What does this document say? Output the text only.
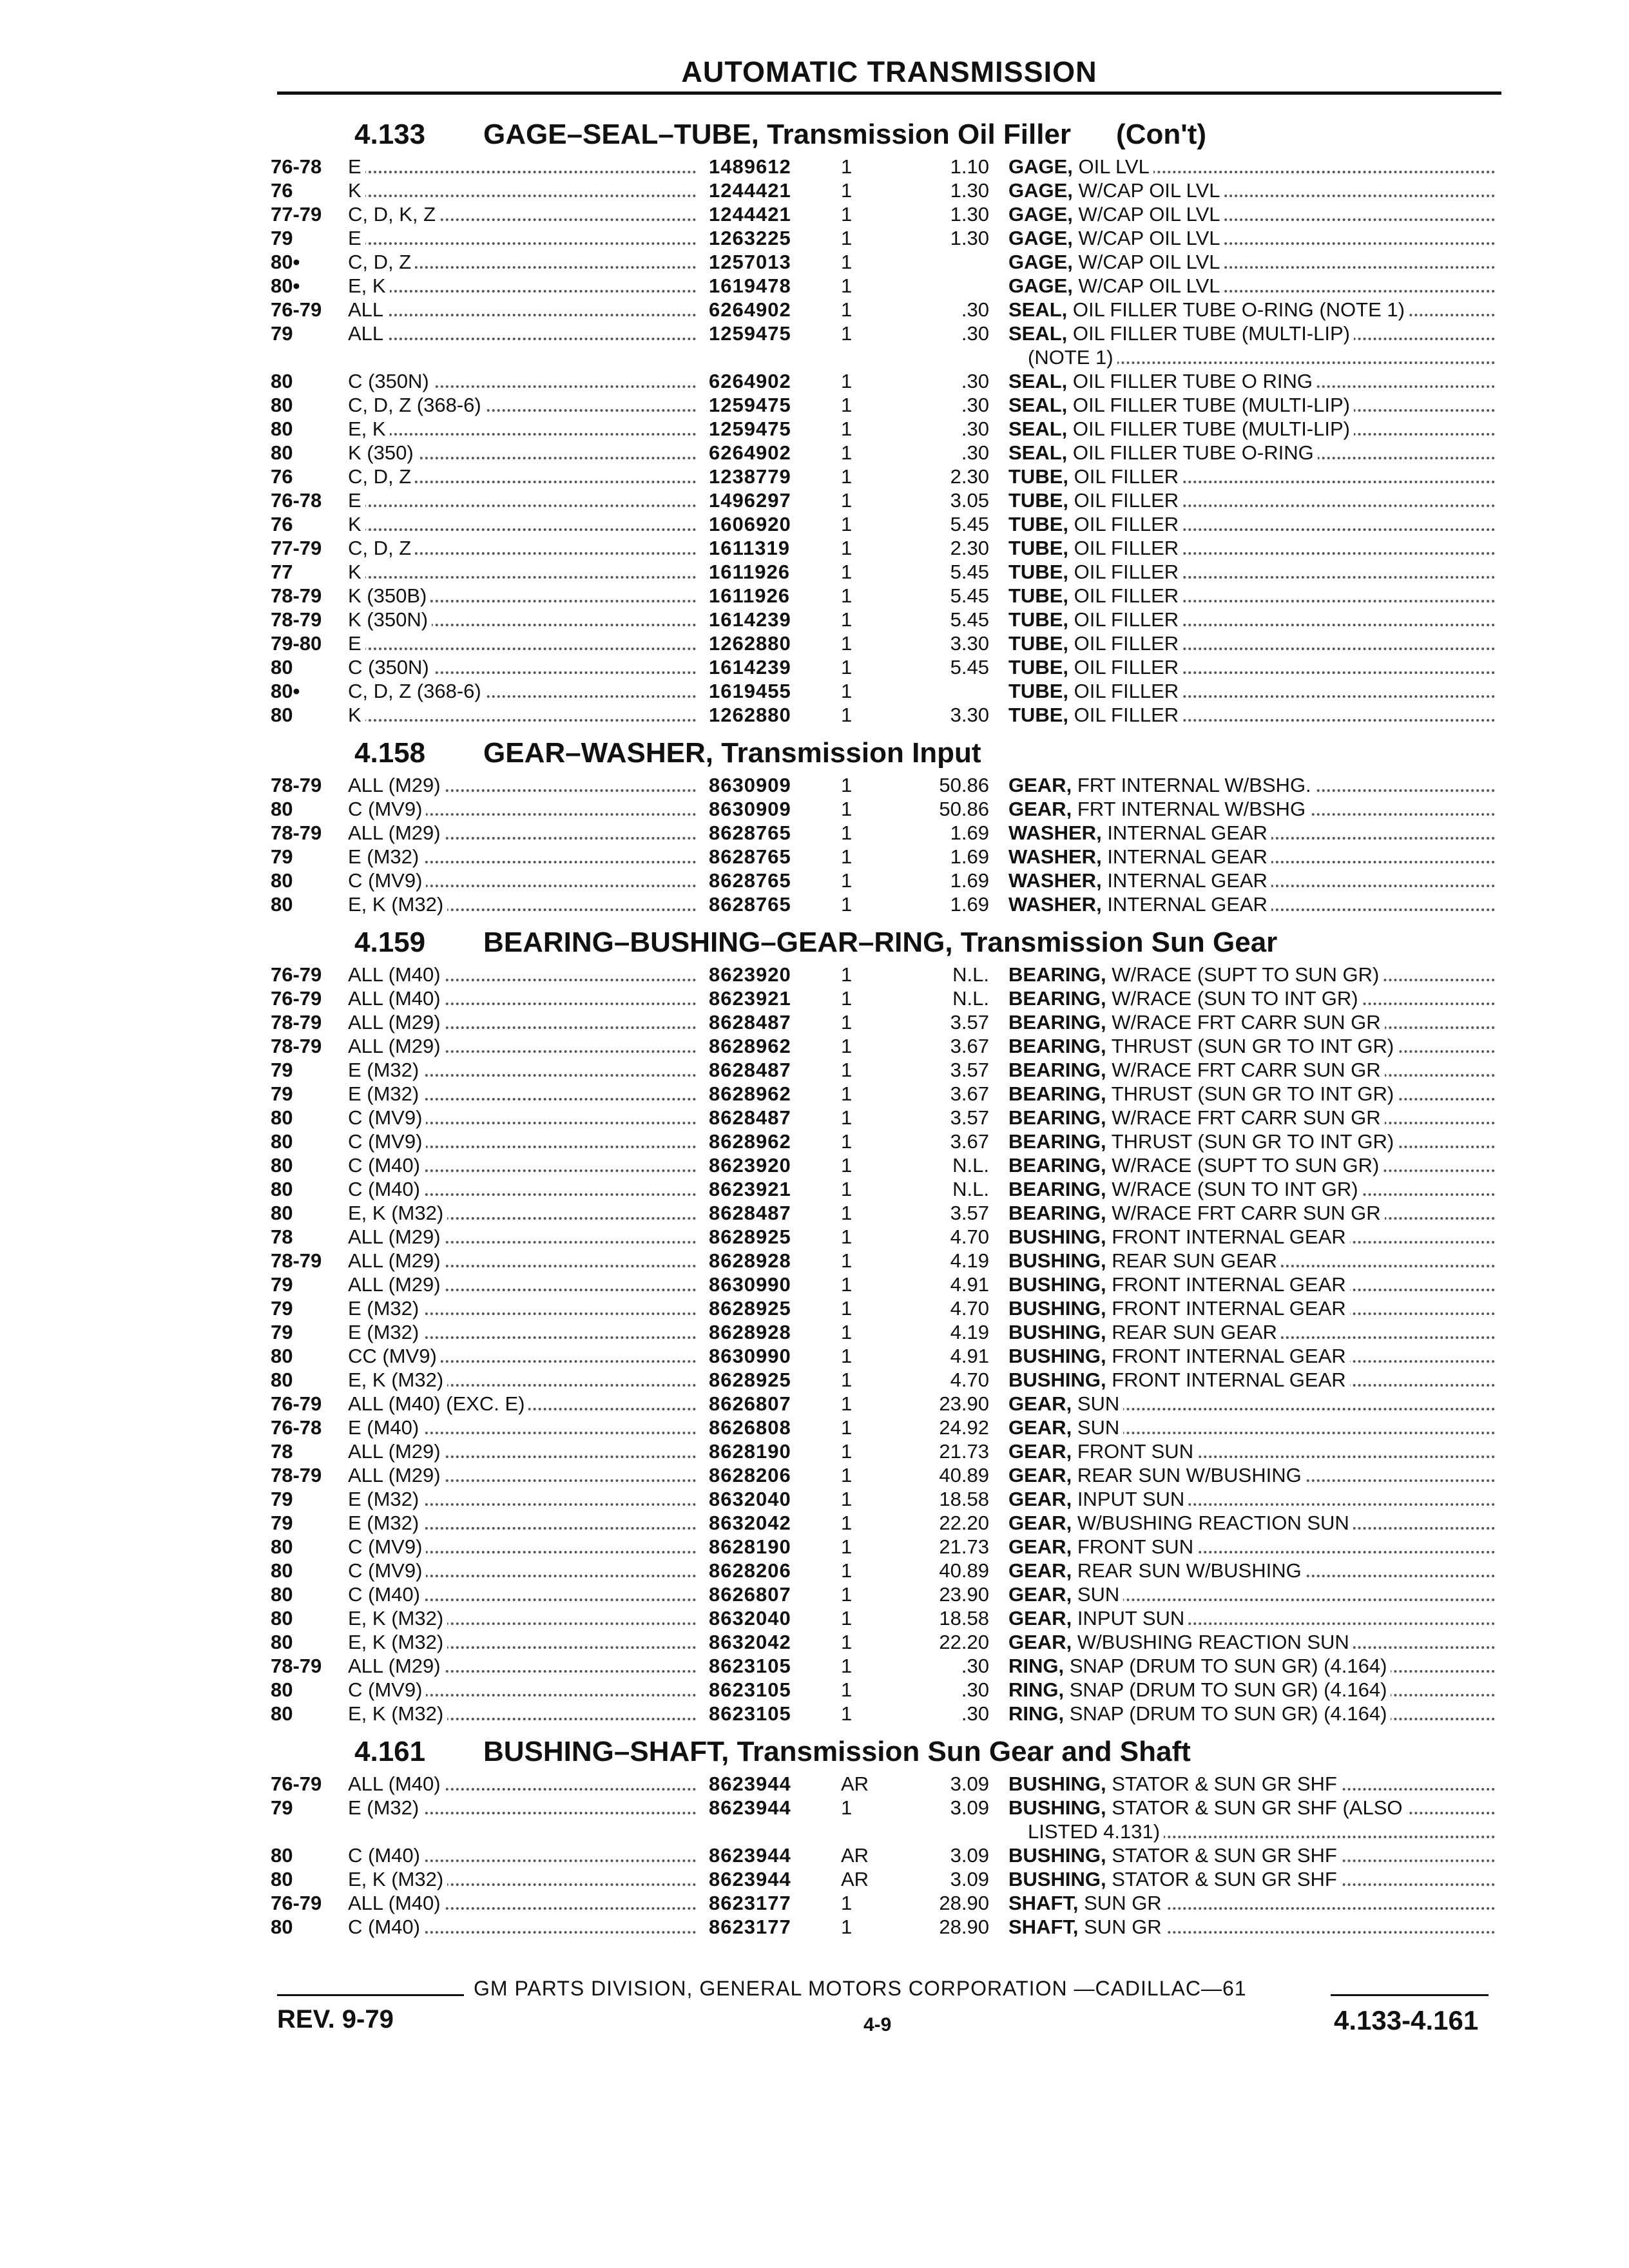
AUTOMATIC TRANSMISSION
4.133	GAGE–SEAL–TUBE, Transmission Oil Filler (Con't)
76-78	E	1489612	1	1.10 GAGE, OIL LVL
76	K	1244421	1	1.30 GAGE, W/CAP OIL LVL
77-79	C, D, K, Z	1244421	1	1.30 GAGE, W/CAP OIL LVL
79	E	1263225	1	1.30 GAGE, W/CAP OIL LVL
80•	C, D, Z	1257013	1	GAGE, W/CAP OIL LVL
80•	E, K	1619478	1	GAGE, W/CAP OIL LVL
76-79	ALL	6264902	1	.30 SEAL, OIL FILLER TUBE O-RING (NOTE 1)
79	ALL	1259475	1	.30 SEAL, OIL FILLER TUBE (MULTI-LIP)
(NOTE 1)
80	C (350N)	6264902	1	.30 SEAL, OIL FILLER TUBE O RING
80	C, D, Z (368-6)	1259475	1	.30 SEAL, OIL FILLER TUBE (MULTI-LIP)
80	E, K	1259475	1	.30 SEAL, OIL FILLER TUBE (MULTI-LIP)
80	K (350)	6264902	1	.30 SEAL, OIL FILLER TUBE O-RING
76	C, D, Z	1238779	1	2.30 TUBE, OIL FILLER
76-78	E	1496297	1	3.05 TUBE, OIL FILLER
76	K	1606920	1	5.45 TUBE, OIL FILLER
77-79	C, D, Z	1611319	1	2.30 TUBE, OIL FILLER
77	K	1611926	1	5.45 TUBE, OIL FILLER
78-79	K (350B)	1611926	1	5.45 TUBE, OIL FILLER
78-79	K (350N)	1614239	1	5.45 TUBE, OIL FILLER
79-80	E	1262880	1	3.30 TUBE, OIL FILLER
80	C (350N)	1614239	1	5.45 TUBE, OIL FILLER
80•	C, D, Z (368-6)	1619455	1	TUBE, OIL FILLER
80	K	1262880	1	3.30 TUBE, OIL FILLER
4.158	GEAR–WASHER, Transmission Input
78-79	ALL (M29)	8630909	1	50.86 GEAR, FRT INTERNAL W/BSHG.
80	C (MV9)	8630909	1	50.86 GEAR, FRT INTERNAL W/BSHG
78-79	ALL (M29)	8628765	1	1.69 WASHER, INTERNAL GEAR
79	E (M32)	8628765	1	1.69 WASHER, INTERNAL GEAR
80	C (MV9)	8628765	1	1.69 WASHER, INTERNAL GEAR
80	E, K (M32)	8628765	1	1.69 WASHER, INTERNAL GEAR
4.159	BEARING–BUSHING–GEAR–RING, Transmission Sun Gear
76-79	ALL (M40)	8623920	1	N.L. BEARING, W/RACE (SUPT TO SUN GR)
76-79	ALL (M40)	8623921	1	N.L. BEARING, W/RACE (SUN TO INT GR)
78-79	ALL (M29)	8628487	1	3.57 BEARING, W/RACE FRT CARR SUN GR
78-79	ALL (M29)	8628962	1	3.67 BEARING, THRUST (SUN GR TO INT GR)
79	E (M32)	8628487	1	3.57 BEARING, W/RACE FRT CARR SUN GR
79	E (M32)	8628962	1	3.67 BEARING, THRUST (SUN GR TO INT GR)
80	C (MV9)	8628487	1	3.57 BEARING, W/RACE FRT CARR SUN GR
80	C (MV9)	8628962	1	3.67 BEARING, THRUST (SUN GR TO INT GR)
80	C (M40)	8623920	1	N.L. BEARING, W/RACE (SUPT TO SUN GR)
80	C (M40)	8623921	1	N.L. BEARING, W/RACE (SUN TO INT GR)
80	E, K (M32)	8628487	1	3.57 BEARING, W/RACE FRT CARR SUN GR
78	ALL (M29)	8628925	1	4.70 BUSHING, FRONT INTERNAL GEAR
78-79	ALL (M29)	8628928	1	4.19 BUSHING, REAR SUN GEAR
79	ALL (M29)	8630990	1	4.91 BUSHING, FRONT INTERNAL GEAR
79	E (M32)	8628925	1	4.70 BUSHING, FRONT INTERNAL GEAR
79	E (M32)	8628928	1	4.19 BUSHING, REAR SUN GEAR
80	CC (MV9)	8630990	1	4.91 BUSHING, FRONT INTERNAL GEAR
80	E, K (M32)	8628925	1	4.70 BUSHING, FRONT INTERNAL GEAR
76-79	ALL (M40) (EXC. E)	8626807	1	23.90 GEAR, SUN
76-78	E (M40)	8626808	1	24.92 GEAR, SUN
78	ALL (M29)	8628190	1	21.73 GEAR, FRONT SUN
78-79	ALL (M29)	8628206	1	40.89 GEAR, REAR SUN W/BUSHING
79	E (M32)	8632040	1	18.58 GEAR, INPUT SUN
79	E (M32)	8632042	1	22.20 GEAR, W/BUSHING REACTION SUN
80	C (MV9)	8628190	1	21.73 GEAR, FRONT SUN
80	C (MV9)	8628206	1	40.89 GEAR, REAR SUN W/BUSHING
80	C (M40)	8626807	1	23.90 GEAR, SUN
80	E, K (M32)	8632040	1	18.58 GEAR, INPUT SUN
80	E, K (M32)	8632042	1	22.20 GEAR, W/BUSHING REACTION SUN
78-79	ALL (M29)	8623105	1	.30 RING, SNAP (DRUM TO SUN GR) (4.164)
80	C (MV9)	8623105	1	.30 RING, SNAP (DRUM TO SUN GR) (4.164)
80	E, K (M32)	8623105	1	.30 RING, SNAP (DRUM TO SUN GR) (4.164)
4.161	BUSHING–SHAFT, Transmission Sun Gear and Shaft
76-79	ALL (M40)	8623944	AR	3.09 BUSHING, STATOR & SUN GR SHF
79	E (M32)	8623944	1	3.09 BUSHING, STATOR & SUN GR SHF (ALSO
LISTED 4.131)
80	C (M40)	8623944	AR	3.09 BUSHING, STATOR & SUN GR SHF
80	E, K (M32)	8623944	AR	3.09 BUSHING, STATOR & SUN GR SHF
76-79	ALL (M40)	8623177	1	28.90 SHAFT, SUN GR
80	C (M40)	8623177	1	28.90 SHAFT, SUN GR
GM PARTS DIVISION, GENERAL MOTORS CORPORATION —CADILLAC—61
REV. 9-79	4-9	4.133-4.161
